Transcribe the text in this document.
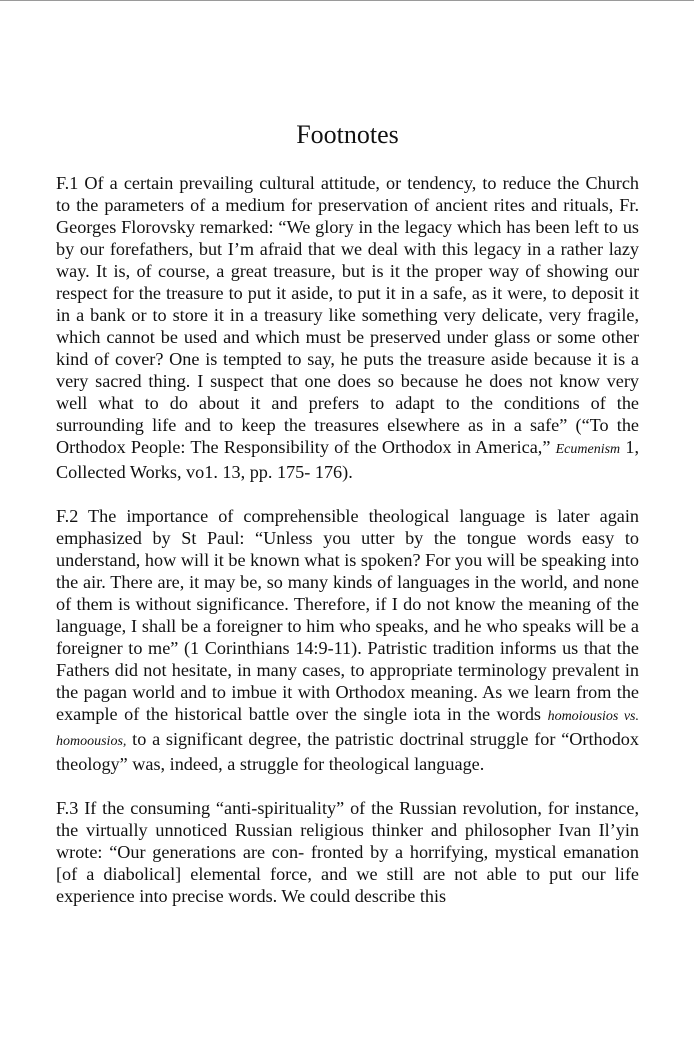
Footnotes

F.1 Of a certain prevailing cultural attitude, or tendency, to reduce the Church to the parameters of a medium for preservation of ancient rites and rituals, Fr. Georges Florovsky remarked: “We glory in the legacy which has been left to us by our forefathers, but I’m afraid that we deal with this legacy in a rather lazy way. It is, of course, a great treasure, but is it the proper way of showing our respect for the treasure to put it aside, to put it in a safe, as it were, to deposit it in a bank or to store it in a treasury like something very delicate, very fragile, which cannot be used and which must be preserved under glass or some other kind of cover? One is tempted to say, he puts the treasure aside because it is a very sacred thing. I suspect that one does so because he does not know very well what to do about it and prefers to adapt to the conditions of the surrounding life and to keep the treasures elsewhere as in a safe” (“To the Orthodox People: The Responsibility of the Orthodox in America,” Ecumenism 1, Collected Works, vo1. 13, pp. 175- 176).

F.2 The importance of comprehensible theological language is later again emphasized by St Paul: “Unless you utter by the tongue words easy to understand, how will it be known what is spoken? For you will be speaking into the air. There are, it may be, so many kinds of languages in the world, and none of them is without significance. Therefore, if I do not know the meaning of the language, I shall be a foreigner to him who speaks, and he who speaks will be a foreigner to me” (1 Corinthians 14:9-11). Patristic tradition informs us that the Fathers did not hesitate, in many cases, to appropriate terminology prevalent in the pagan world and to imbue it with Orthodox meaning. As we learn from the example of the historical battle over the single iota in the words homoiousios vs. homoousios, to a significant degree, the patristic doctrinal struggle for “Orthodox theology” was, indeed, a struggle for theological language.

F.3 If the consuming “anti-spirituality” of the Russian revolution, for instance, the virtually unnoticed Russian religious thinker and philosopher Ivan Il’yin wrote: “Our generations are con- fronted by a horrifying, mystical emanation [of a diabolical] elemental force, and we still are not able to put our life experience into precise words. We could describe this
